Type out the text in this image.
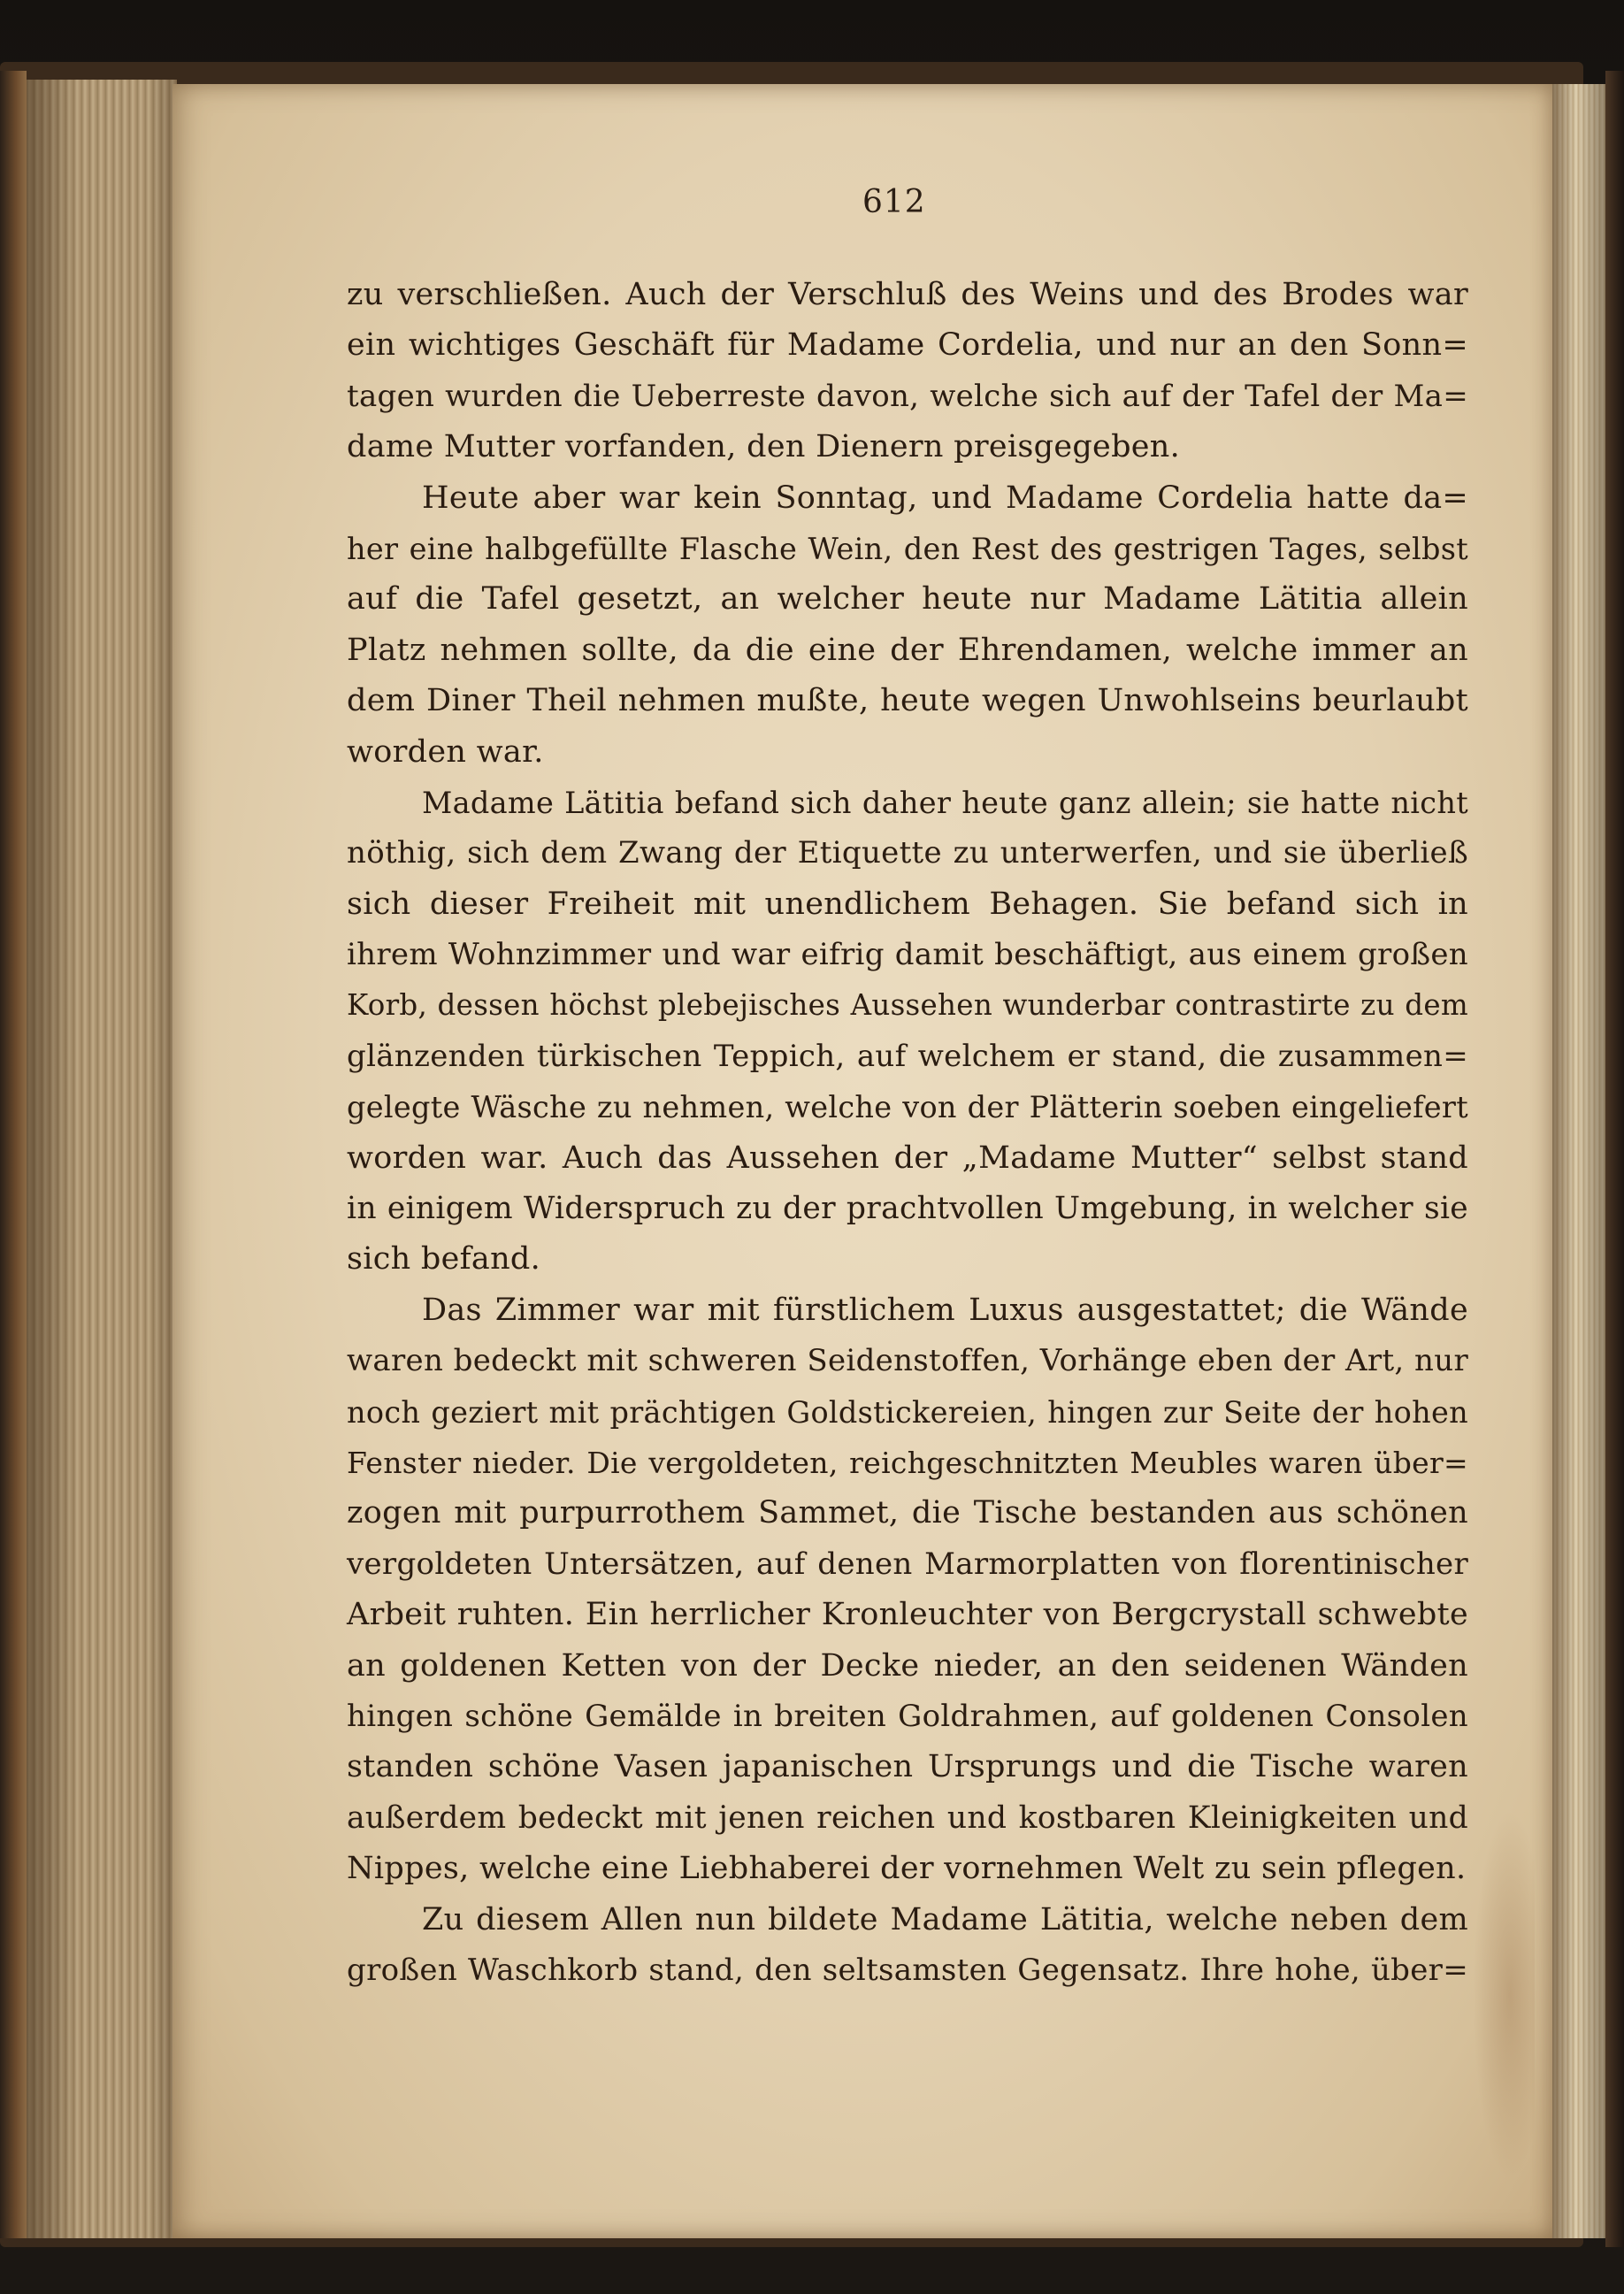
612
zu verschließen. Auch der Verschluß des Weins und des Brodes war
ein wichtiges Geschäft für Madame Cordelia, und nur an den Sonn=
tagen wurden die Ueberreste davon, welche sich auf der Tafel der Ma=
dame Mutter vorfanden, den Dienern preisgegeben.
Heute aber war kein Sonntag, und Madame Cordelia hatte da=
her eine halbgefüllte Flasche Wein, den Rest des gestrigen Tages, selbst
auf die Tafel gesetzt, an welcher heute nur Madame Lätitia allein
Platz nehmen sollte, da die eine der Ehrendamen, welche immer an
dem Diner Theil nehmen mußte, heute wegen Unwohlseins beurlaubt
worden war.
Madame Lätitia befand sich daher heute ganz allein; sie hatte nicht
nöthig, sich dem Zwang der Etiquette zu unterwerfen, und sie überließ
sich dieser Freiheit mit unendlichem Behagen. Sie befand sich in
ihrem Wohnzimmer und war eifrig damit beschäftigt, aus einem großen
Korb, dessen höchst plebejisches Aussehen wunderbar contrastirte zu dem
glänzenden türkischen Teppich, auf welchem er stand, die zusammen=
gelegte Wäsche zu nehmen, welche von der Plätterin soeben eingeliefert
worden war. Auch das Aussehen der „Madame Mutter“ selbst stand
in einigem Widerspruch zu der prachtvollen Umgebung, in welcher sie
sich befand.
Das Zimmer war mit fürstlichem Luxus ausgestattet; die Wände
waren bedeckt mit schweren Seidenstoffen, Vorhänge eben der Art, nur
noch geziert mit prächtigen Goldstickereien, hingen zur Seite der hohen
Fenster nieder. Die vergoldeten, reichgeschnitzten Meubles waren über=
zogen mit purpurrothem Sammet, die Tische bestanden aus schönen
vergoldeten Untersätzen, auf denen Marmorplatten von florentinischer
Arbeit ruhten. Ein herrlicher Kronleuchter von Bergcrystall schwebte
an goldenen Ketten von der Decke nieder, an den seidenen Wänden
hingen schöne Gemälde in breiten Goldrahmen, auf goldenen Consolen
standen schöne Vasen japanischen Ursprungs und die Tische waren
außerdem bedeckt mit jenen reichen und kostbaren Kleinigkeiten und
Nippes, welche eine Liebhaberei der vornehmen Welt zu sein pflegen.
Zu diesem Allen nun bildete Madame Lätitia, welche neben dem
großen Waschkorb stand, den seltsamsten Gegensatz. Ihre hohe, über=
